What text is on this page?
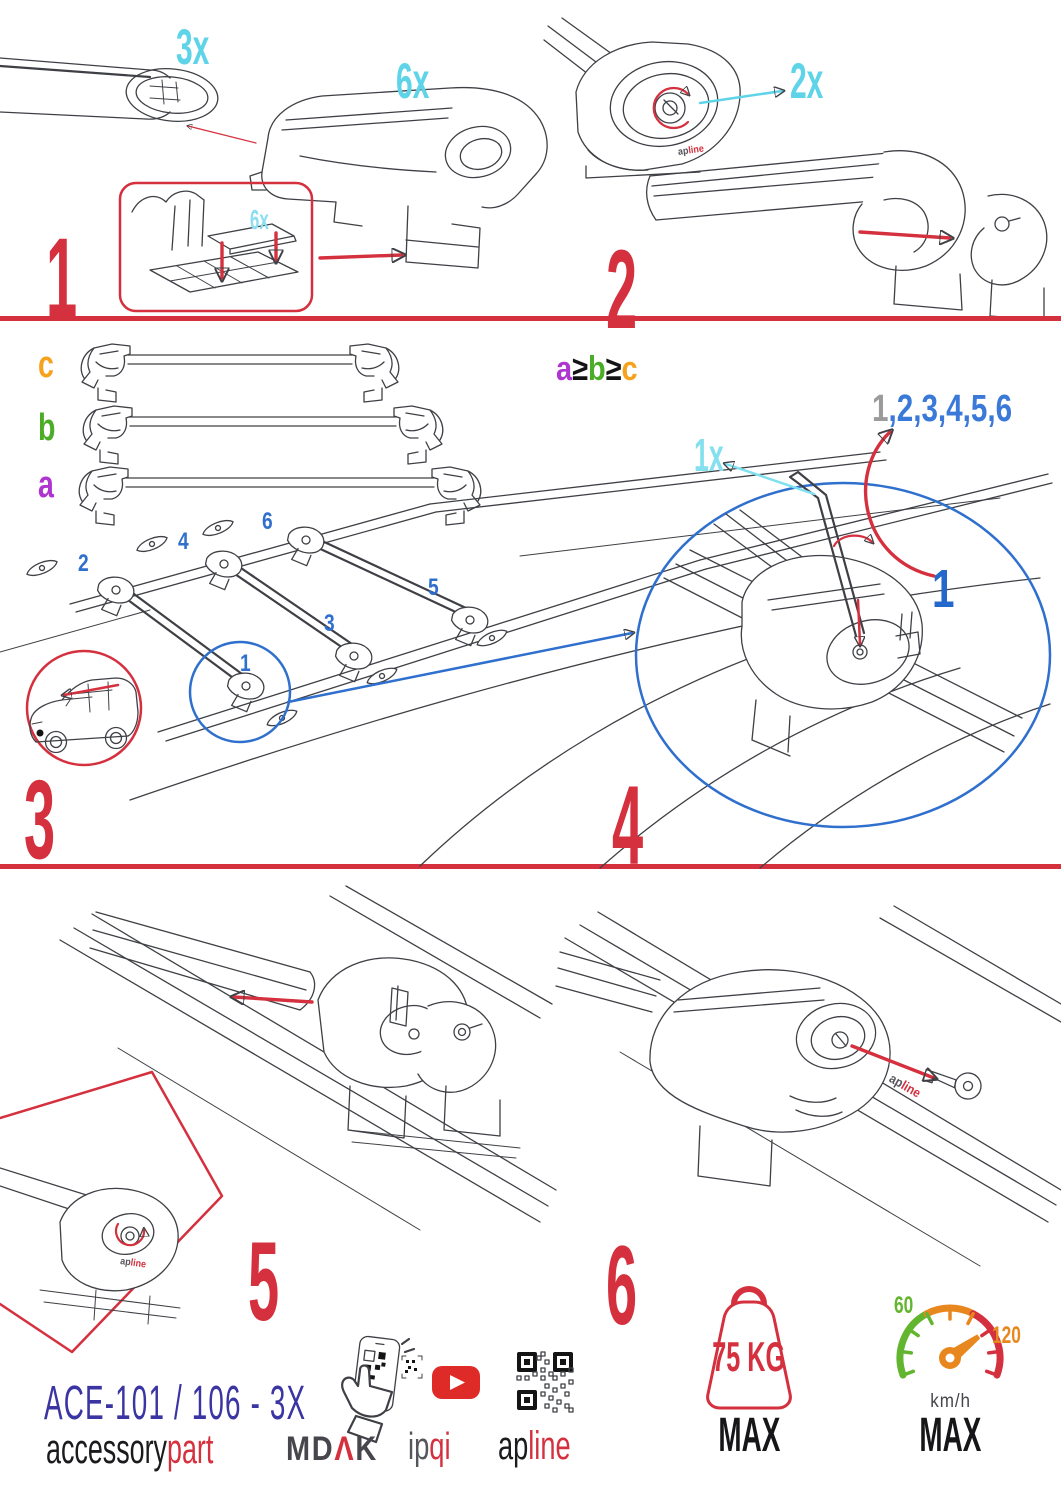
3x
6x
6x
1
2x
2
c
b
a
a≥b≥c
2
4
6
1
3
5
3
1,2,3,4,5,6
1x
1
4
5	6
apline
apline
apline
ACE-101 / 106 - 3X
accessorypart	MDΛK ipqi	apline
75 KG
MAX
60
120
km/h
MAX
